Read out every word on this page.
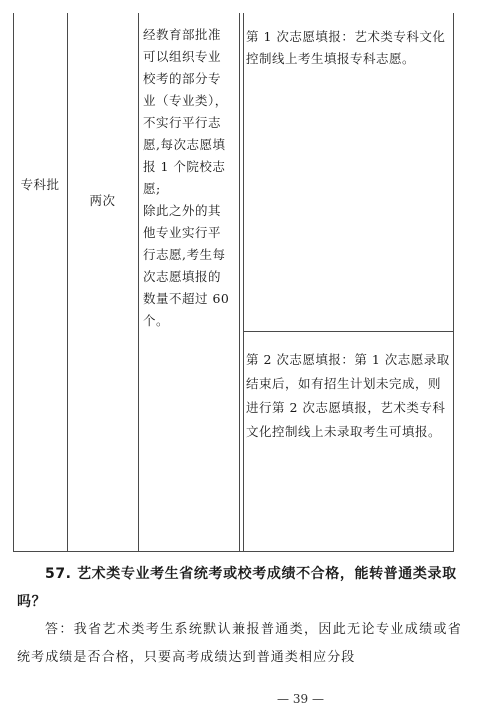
专科批
两次
经教育部批准
可以组织专业
校考的部分专
业（专业类），
不实行平行志
愿,每次志愿填
报 1 个院校志
愿;
除此之外的其
他专业实行平
行志愿,考生每
次志愿填报的
数量不超过 60
个。
第 1 次志愿填报：艺术类专科文化
控制线上考生填报专科志愿。
第 2 次志愿填报：第 1 次志愿录取
结束后，如有招生计划未完成，则
进行第 2 次志愿填报，艺术类专科
文化控制线上未录取考生可填报。
57. 艺术类专业考生省统考或校考成绩不合格，能转普通类录取吗？
答：我省艺术类考生系统默认兼报普通类，因此无论专业成绩或省统考成绩是否合格，只要高考成绩达到普通类相应分段
— 39 —
